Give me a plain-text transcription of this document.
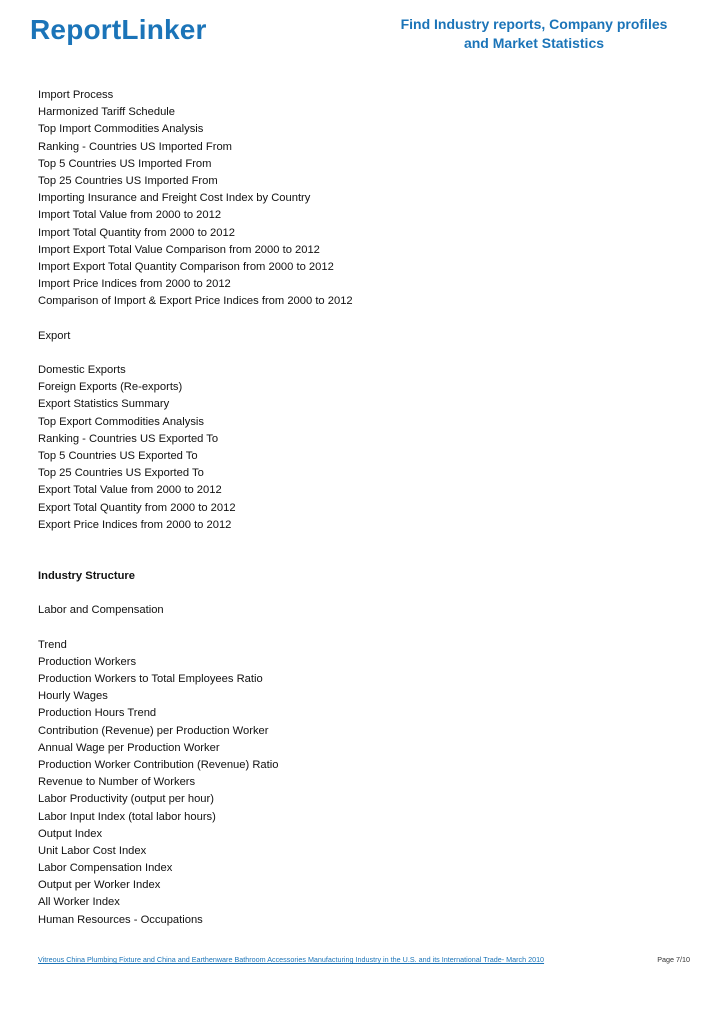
ReportLinker	Find Industry reports, Company profiles
and Market Statistics
Import Process
Harmonized Tariff Schedule
Top Import Commodities Analysis
Ranking - Countries US Imported From
Top 5 Countries US Imported From
Top 25 Countries US Imported From
Importing Insurance and Freight Cost Index by Country
Import Total Value from 2000 to 2012
Import Total Quantity from 2000 to 2012
Import Export Total Value Comparison from 2000 to 2012
Import Export Total Quantity Comparison from 2000 to 2012
Import Price Indices from 2000 to 2012
Comparison of Import & Export Price Indices from 2000 to 2012
Export
Domestic Exports
Foreign Exports (Re-exports)
Export Statistics Summary
Top Export Commodities Analysis
Ranking - Countries US Exported To
Top 5 Countries US Exported To
Top 25 Countries US Exported To
Export Total Value from 2000 to 2012
Export Total Quantity from 2000 to 2012
Export Price Indices from 2000 to 2012
Industry Structure
Labor and Compensation
Trend
Production Workers
Production Workers to Total Employees Ratio
Hourly Wages
Production Hours Trend
Contribution (Revenue) per Production Worker
Annual Wage per Production Worker
Production Worker Contribution (Revenue) Ratio
Revenue to Number of Workers
Labor Productivity (output per hour)
Labor Input Index (total labor hours)
Output Index
Unit Labor Cost Index
Labor Compensation Index
Output per Worker Index
All Worker Index
Human Resources - Occupations
Vitreous China Plumbing Fixture and China and Earthenware Bathroom Accessories Manufacturing Industry in the U.S. and its International Trade- March 2010	Page 7/10
